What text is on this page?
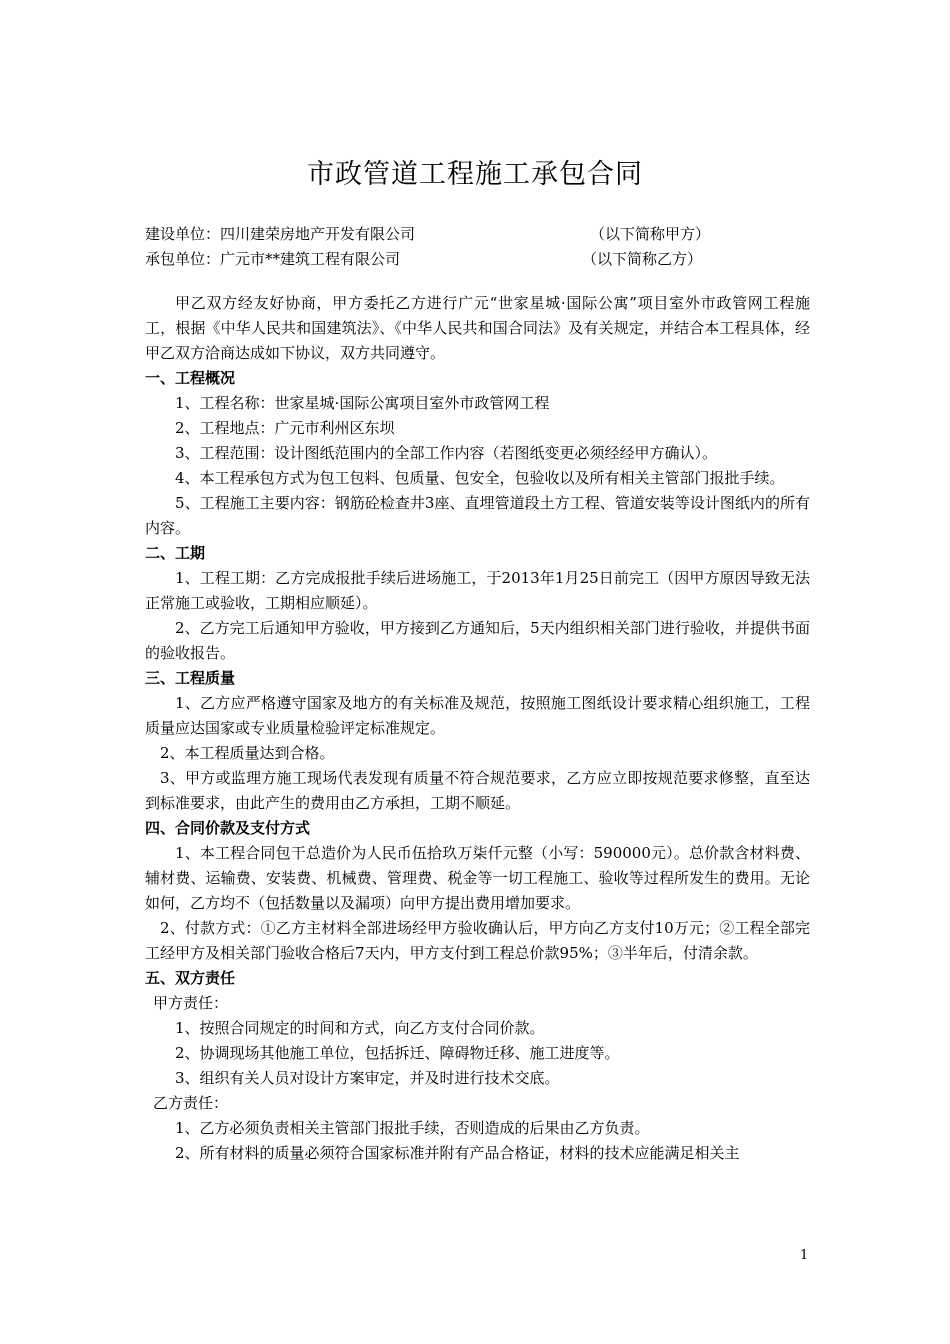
市政管道工程施工承包合同
建设单位：四川建荣房地产开发有限公司	（以下简称甲方）
承包单位：广元市**建筑工程有限公司	（以下简称乙方）

甲乙双方经友好协商，甲方委托乙方进行广元“世家星城·国际公寓”项目室外市政管网工程施工，根据《中华人民共和国建筑法》、《中华人民共和国合同法》及有关规定，并结合本工程具体，经甲乙双方洽商达成如下协议，双方共同遵守。

一、工程概况

1、工程名称：世家星城·国际公寓项目室外市政管网工程

2、工程地点：广元市利州区东坝

3、工程范围：设计图纸范围内的全部工作内容（若图纸变更必须经经甲方确认）。

4、本工程承包方式为包工包料、包质量、包安全，包验收以及所有相关主管部门报批手续。

5、工程施工主要内容：钢筋砼检查井3座、直埋管道段土方工程、管道安装等设计图纸内的所有内容。

二、工期

1、工程工期：乙方完成报批手续后进场施工，于2013年1月25日前完工（因甲方原因导致无法正常施工或验收，工期相应顺延）。

2、乙方完工后通知甲方验收，甲方接到乙方通知后，5天内组织相关部门进行验收，并提供书面的验收报告。

三、工程质量

1、乙方应严格遵守国家及地方的有关标准及规范，按照施工图纸设计要求精心组织施工，工程质量应达国家或专业质量检验评定标准规定。

2、本工程质量达到合格。

3、甲方或监理方施工现场代表发现有质量不符合规范要求，乙方应立即按规范要求修整，直至达到标准要求，由此产生的费用由乙方承担，工期不顺延。

四、合同价款及支付方式

1、本工程合同包干总造价为人民币伍拾玖万柒仟元整（小写：590000元）。总价款含材料费、辅材费、运输费、安装费、机械费、管理费、税金等一切工程施工、验收等过程所发生的费用。无论如何，乙方均不（包括数量以及漏项）向甲方提出费用增加要求。

2、付款方式：①乙方主材料全部进场经甲方验收确认后，甲方向乙方支付10万元；②工程全部完工经甲方及相关部门验收合格后7天内，甲方支付到工程总价款95%；③半年后，付清余款。

五、双方责任

甲方责任：

1、按照合同规定的时间和方式，向乙方支付合同价款。

2、协调现场其他施工单位，包括拆迁、障碍物迁移、施工进度等。

3、组织有关人员对设计方案审定，并及时进行技术交底。

乙方责任：

1、乙方必须负责相关主管部门报批手续，否则造成的后果由乙方负责。

2、所有材料的质量必须符合国家标准并附有产品合格证，材料的技术应能满足相关主

1
